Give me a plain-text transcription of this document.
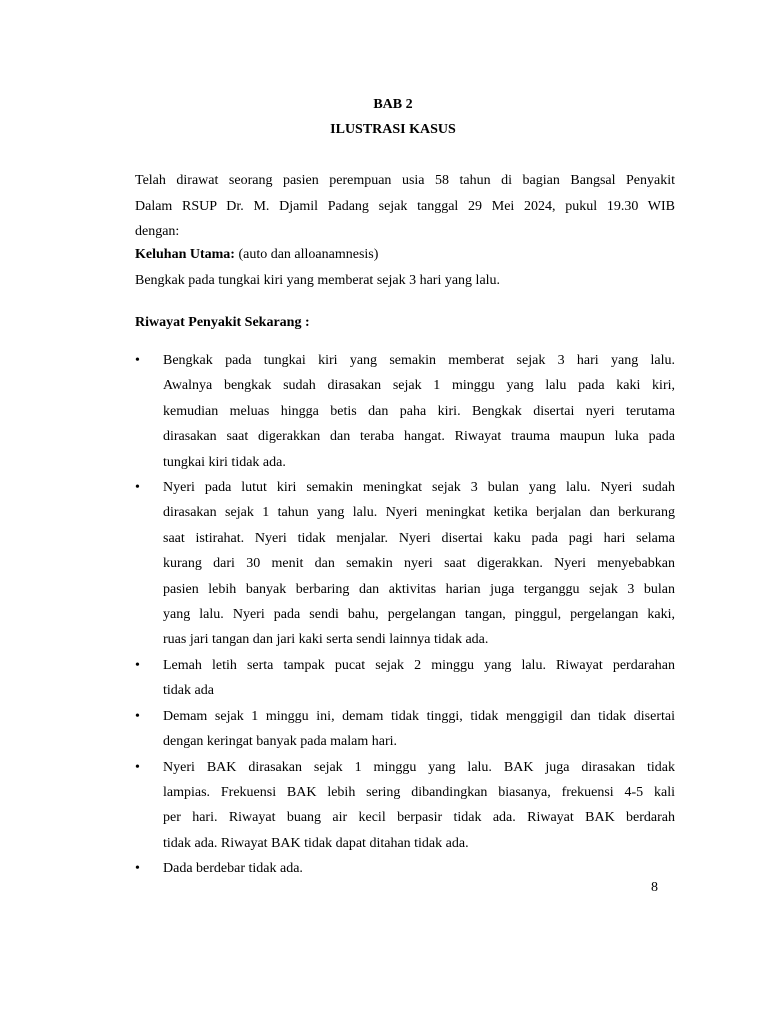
BAB 2
ILUSTRASI KASUS
Telah dirawat seorang pasien perempuan usia 58 tahun di bagian Bangsal Penyakit
Dalam RSUP Dr. M. Djamil Padang sejak tanggal 29 Mei 2024, pukul 19.30 WIB
dengan:
Keluhan Utama: (auto dan alloanamnesis)
Bengkak pada tungkai kiri yang memberat sejak 3 hari yang lalu.
Riwayat Penyakit Sekarang :
•	Bengkak pada tungkai kiri yang semakin memberat sejak 3 hari yang lalu.
Awalnya bengkak sudah dirasakan sejak 1 minggu yang lalu pada kaki kiri,
kemudian meluas hingga betis dan paha kiri. Bengkak disertai nyeri terutama
dirasakan saat digerakkan dan teraba hangat. Riwayat trauma maupun luka pada
tungkai kiri tidak ada.
•	Nyeri pada lutut kiri semakin meningkat sejak 3 bulan yang lalu. Nyeri sudah
dirasakan sejak 1 tahun yang lalu. Nyeri meningkat ketika berjalan dan berkurang
saat istirahat. Nyeri tidak menjalar. Nyeri disertai kaku pada pagi hari selama
kurang dari 30 menit dan semakin nyeri saat digerakkan. Nyeri menyebabkan
pasien lebih banyak berbaring dan aktivitas harian juga terganggu sejak 3 bulan
yang lalu. Nyeri pada sendi bahu, pergelangan tangan, pinggul, pergelangan kaki,
ruas jari tangan dan jari kaki serta sendi lainnya tidak ada.
•	Lemah letih serta tampak pucat sejak 2 minggu yang lalu. Riwayat perdarahan
tidak ada
•	Demam sejak 1 minggu ini, demam tidak tinggi, tidak menggigil dan tidak disertai
dengan keringat banyak pada malam hari.
•	Nyeri BAK dirasakan sejak 1 minggu yang lalu. BAK juga dirasakan tidak
lampias. Frekuensi BAK lebih sering dibandingkan biasanya, frekuensi 4-5 kali
per hari. Riwayat buang air kecil berpasir tidak ada. Riwayat BAK berdarah
tidak ada. Riwayat BAK tidak dapat ditahan tidak ada.
•	Dada berdebar tidak ada.
8
